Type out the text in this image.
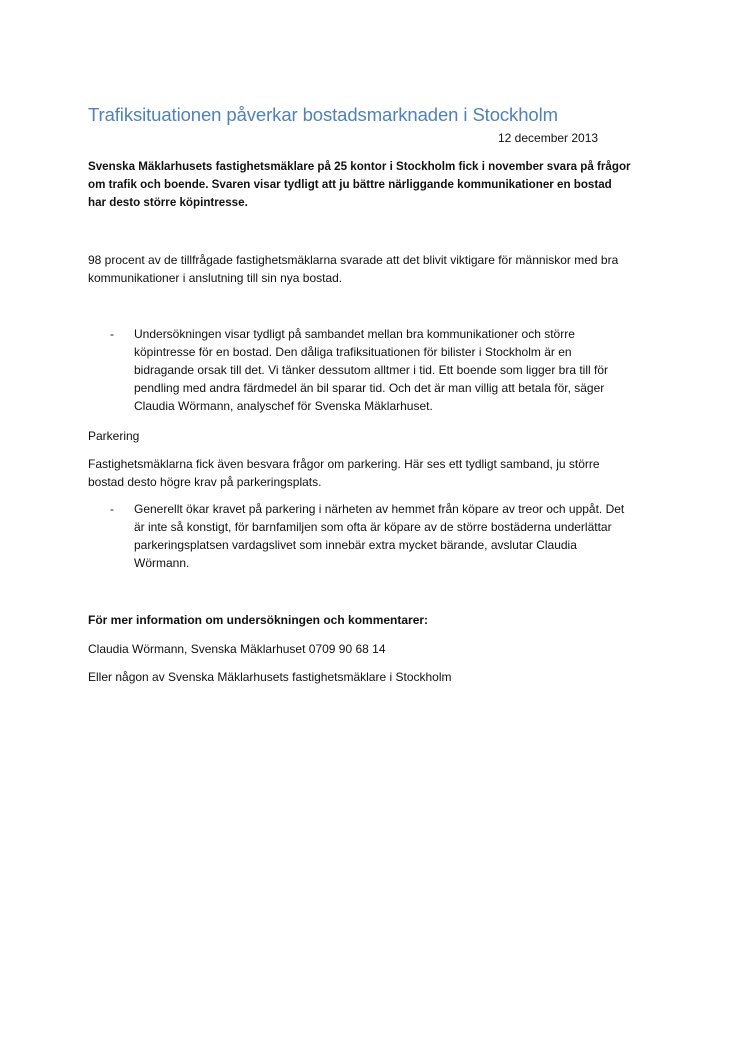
Trafiksituationen påverkar bostadsmarknaden i Stockholm
12 december 2013
Svenska Mäklarhusets fastighetsmäklare på 25 kontor i Stockholm fick i november svara på frågor
om trafik och boende. Svaren visar tydligt att ju bättre närliggande kommunikationer en bostad
har desto större köpintresse.
98 procent av de tillfrågade fastighetsmäklarna svarade att det blivit viktigare för människor med bra
kommunikationer i anslutning till sin nya bostad.
- Undersökningen visar tydligt på sambandet mellan bra kommunikationer och större
köpintresse för en bostad. Den dåliga trafiksituationen för bilister i Stockholm är en
bidragande orsak till det. Vi tänker dessutom alltmer i tid. Ett boende som ligger bra till för
pendling med andra färdmedel än bil sparar tid. Och det är man villig att betala för, säger
Claudia Wörmann, analyschef för Svenska Mäklarhuset.
Parkering
Fastighetsmäklarna fick även besvara frågor om parkering. Här ses ett tydligt samband, ju större
bostad desto högre krav på parkeringsplats.
- Generellt ökar kravet på parkering i närheten av hemmet från köpare av treor och uppåt. Det
är inte så konstigt, för barnfamiljen som ofta är köpare av de större bostäderna underlättar
parkeringsplatsen vardagslivet som innebär extra mycket bärande, avslutar Claudia
Wörmann.
För mer information om undersökningen och kommentarer:
Claudia Wörmann, Svenska Mäklarhuset 0709 90 68 14
Eller någon av Svenska Mäklarhusets fastighetsmäklare i Stockholm
